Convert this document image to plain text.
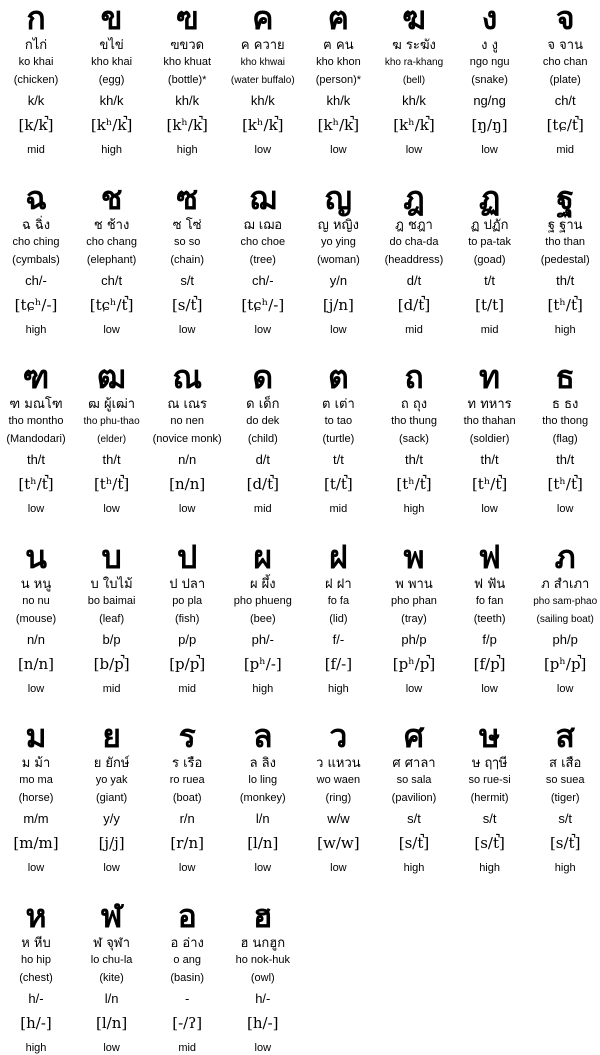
ก
กไก่
ko khai
(chicken)
k/k
[k/k̚]
mid
ข
ขไข่
kho khai
(egg)
kh/k
[kʰ/k̚]
high
ฃ
ฃขวด
kho khuat
(bottle)*
kh/k
[kʰ/k̚]
high
ค
ค ควาย
kho khwai
(water buffalo)
kh/k
[kʰ/k̚]
low
ฅ
ฅ คน
kho khon
(person)*
kh/k
[kʰ/k̚]
low
ฆ
ฆ ระฆัง
kho ra-khang
(bell)
kh/k
[kʰ/k̚]
low
ง
ง งู
ngo ngu
(snake)
ng/ng
[ŋ/ŋ]
low
จ
จ จาน
cho chan
(plate)
ch/t
[tɕ/t̚]
mid
ฉ
ฉ ฉิ่ง
cho ching
(cymbals)
ch/-
[tɕʰ/-]
high
ช
ช ช้าง
cho chang
(elephant)
ch/t
[tɕʰ/t̚]
low
ซ
ซ โซ่
so so
(chain)
s/t
[s/t̚]
low
ฌ
ฌ เฌอ
cho choe
(tree)
ch/-
[tɕʰ/-]
low
ญ
ญ หญิง
yo ying
(woman)
y/n
[j/n]
low
ฎ
ฎ ชฎา
do cha-da
(headdress)
d/t
[d/t̚]
mid
ฏ
ฏ ปฏัก
to pa-tak
(goad)
t/t
[t/t]
mid
ฐ
ฐ ฐาน
tho than
(pedestal)
th/t
[tʰ/t̚]
high
ฑ
ฑ มณโฑ
tho montho
(Mandodari)
th/t
[tʰ/t̚]
low
ฒ
ฒ ผู้เฒ่า
tho phu-thao
(elder)
th/t
[tʰ/t̚]
low
ณ
ณ เณร
no nen
(novice monk)
n/n
[n/n]
low
ด
ด เด็ก
do dek
(child)
d/t
[d/t̚]
mid
ต
ต เต่า
to tao
(turtle)
t/t
[t/t̚]
mid
ถ
ถ ถุง
tho thung
(sack)
th/t
[tʰ/t̚]
high
ท
ท ทหาร
tho thahan
(soldier)
th/t
[tʰ/t̚]
low
ธ
ธ ธง
tho thong
(flag)
th/t
[tʰ/t̚]
low
น
น หนู
no nu
(mouse)
n/n
[n/n]
low
บ
บ ใบไม้
bo baimai
(leaf)
b/p
[b/p̚]
mid
ป
ป ปลา
po pla
(fish)
p/p
[p/p̚]
mid
ผ
ผ ผึ้ง
pho phueng
(bee)
ph/-
[pʰ/-]
high
ฝ
ฝ ฝา
fo fa
(lid)
f/-
[f/-]
high
พ
พ พาน
pho phan
(tray)
ph/p
[pʰ/p̚]
low
ฟ
ฟ ฟัน
fo fan
(teeth)
f/p
[f/p̚]
low
ภ
ภ สำเภา
pho sam-phao
(sailing boat)
ph/p
[pʰ/p̚]
low
ม
ม ม้า
mo ma
(horse)
m/m
[m/m]
low
ย
ย ยักษ์
yo yak
(giant)
y/y
[j/j]
low
ร
ร เรือ
ro ruea
(boat)
r/n
[r/n]
low
ล
ล ลิง
lo ling
(monkey)
l/n
[l/n]
low
ว
ว แหวน
wo waen
(ring)
w/w
[w/w]
low
ศ
ศ ศาลา
so sala
(pavilion)
s/t
[s/t̚]
high
ษ
ษ ฤๅษี
so rue-si
(hermit)
s/t
[s/t̚]
high
ส
ส เสือ
so suea
(tiger)
s/t
[s/t̚]
high
ห
ห หีบ
ho hip
(chest)
h/-
[h/-]
high
ฬ
ฬ จุฬา
lo chu-la
(kite)
l/n
[l/n]
low
อ
อ อ่าง
o ang
(basin)
-
[-/ʔ]
mid
ฮ
ฮ นกฮูก
ho nok-huk
(owl)
h/-
[h/-]
low
